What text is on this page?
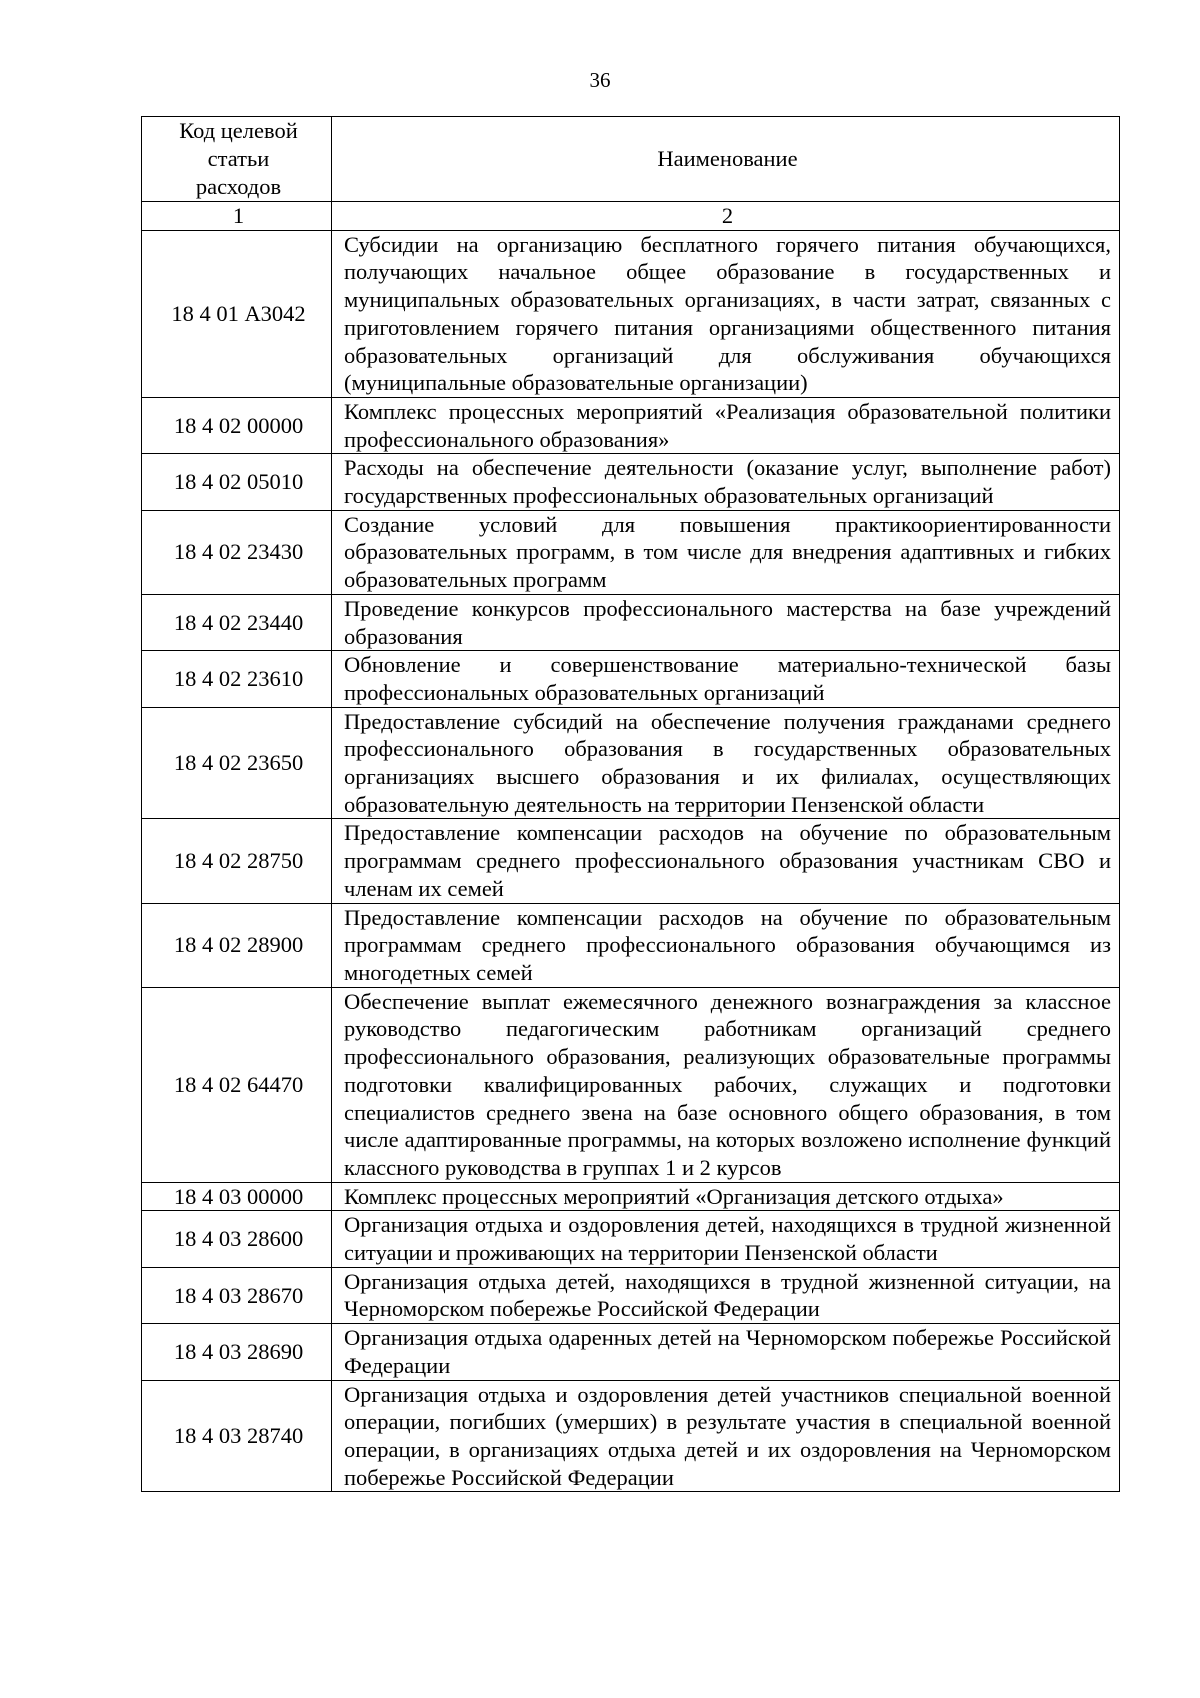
36
Код целевой
статьи
расходов	Наименование
1	2
18 4 01 А3042	Субсидии на организацию бесплатного горячего питания обучающихся, получающих начальное общее образование в государственных и муниципальных образовательных организациях, в части затрат, связанных с приготовлением горячего питания организациями общественного питания образовательных организаций для обслуживания обучающихся (муниципальные образовательные организации)
18 4 02 00000	Комплекс процессных мероприятий «Реализация образовательной политики профессионального образования»
18 4 02 05010	Расходы на обеспечение деятельности (оказание услуг, выполнение работ) государственных профессиональных образовательных организаций
18 4 02 23430	Создание условий для повышения практикоориентированности образовательных программ, в том числе для внедрения адаптивных и гибких образовательных программ
18 4 02 23440	Проведение конкурсов профессионального мастерства на базе учреждений образования
18 4 02 23610	Обновление и совершенствование материально-технической базы профессиональных образовательных организаций
18 4 02 23650	Предоставление субсидий на обеспечение получения гражданами среднего профессионального образования в государственных образовательных организациях высшего образования и их филиалах, осуществляющих образовательную деятельность на территории Пензенской области
18 4 02 28750	Предоставление компенсации расходов на обучение по образовательным программам среднего профессионального образования участникам СВО и членам их семей
18 4 02 28900	Предоставление компенсации расходов на обучение по образовательным программам среднего профессионального образования обучающимся из многодетных семей
18 4 02 64470	Обеспечение выплат ежемесячного денежного вознаграждения за классное руководство педагогическим работникам организаций среднего профессионального образования, реализующих образовательные программы подготовки квалифицированных рабочих, служащих и подготовки специалистов среднего звена на базе основного общего образования, в том числе адаптированные программы, на которых возложено исполнение функций классного руководства в группах 1 и 2 курсов
18 4 03 00000	Комплекс процессных мероприятий «Организация детского отдыха»
18 4 03 28600	Организация отдыха и оздоровления детей, находящихся в трудной жизненной ситуации и проживающих на территории Пензенской области
18 4 03 28670	Организация отдыха детей, находящихся в трудной жизненной ситуации, на Черноморском побережье Российской Федерации
18 4 03 28690	Организация отдыха одаренных детей на Черноморском побережье Российской Федерации
18 4 03 28740	Организация отдыха и оздоровления детей участников специальной военной операции, погибших (умерших) в результате участия в специальной военной операции, в организациях отдыха детей и их оздоровления на Черноморском побережье Российской Федерации
